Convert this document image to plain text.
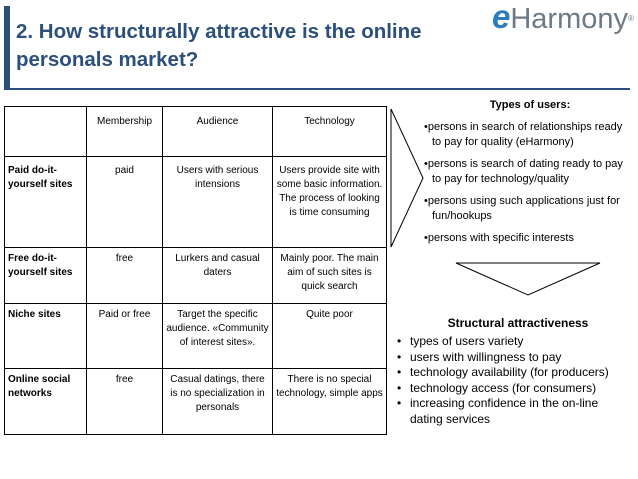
2. How structurally attractive is the online personals market?
eHarmony®
	Membership	Audience	Technology
Paid do-it-yourself sites	paid	Users with serious intensions	Users provide site with some basic information. The process of looking is time consuming
Free do-it-yourself sites	free	Lurkers and casual daters	Mainly poor. The main aim of such sites is quick search
Niche sites	Paid or free	Target the specific audience. «Community of interest sites».	Quite poor
Online social networks	free	Casual datings, there is no specialization in personals	There is no special technology, simple apps
Types of users:
•persons in search of relationships ready to pay for quality (eHarmony)
•persons is search of dating ready to pay to pay for technology/quality
•persons using such applications just for fun/hookups
•persons with specific interests
Structural attractiveness
• types of users variety
• users with willingness to pay
• technology availability (for producers)
• technology access (for consumers)
• increasing confidence in the on-line dating services
